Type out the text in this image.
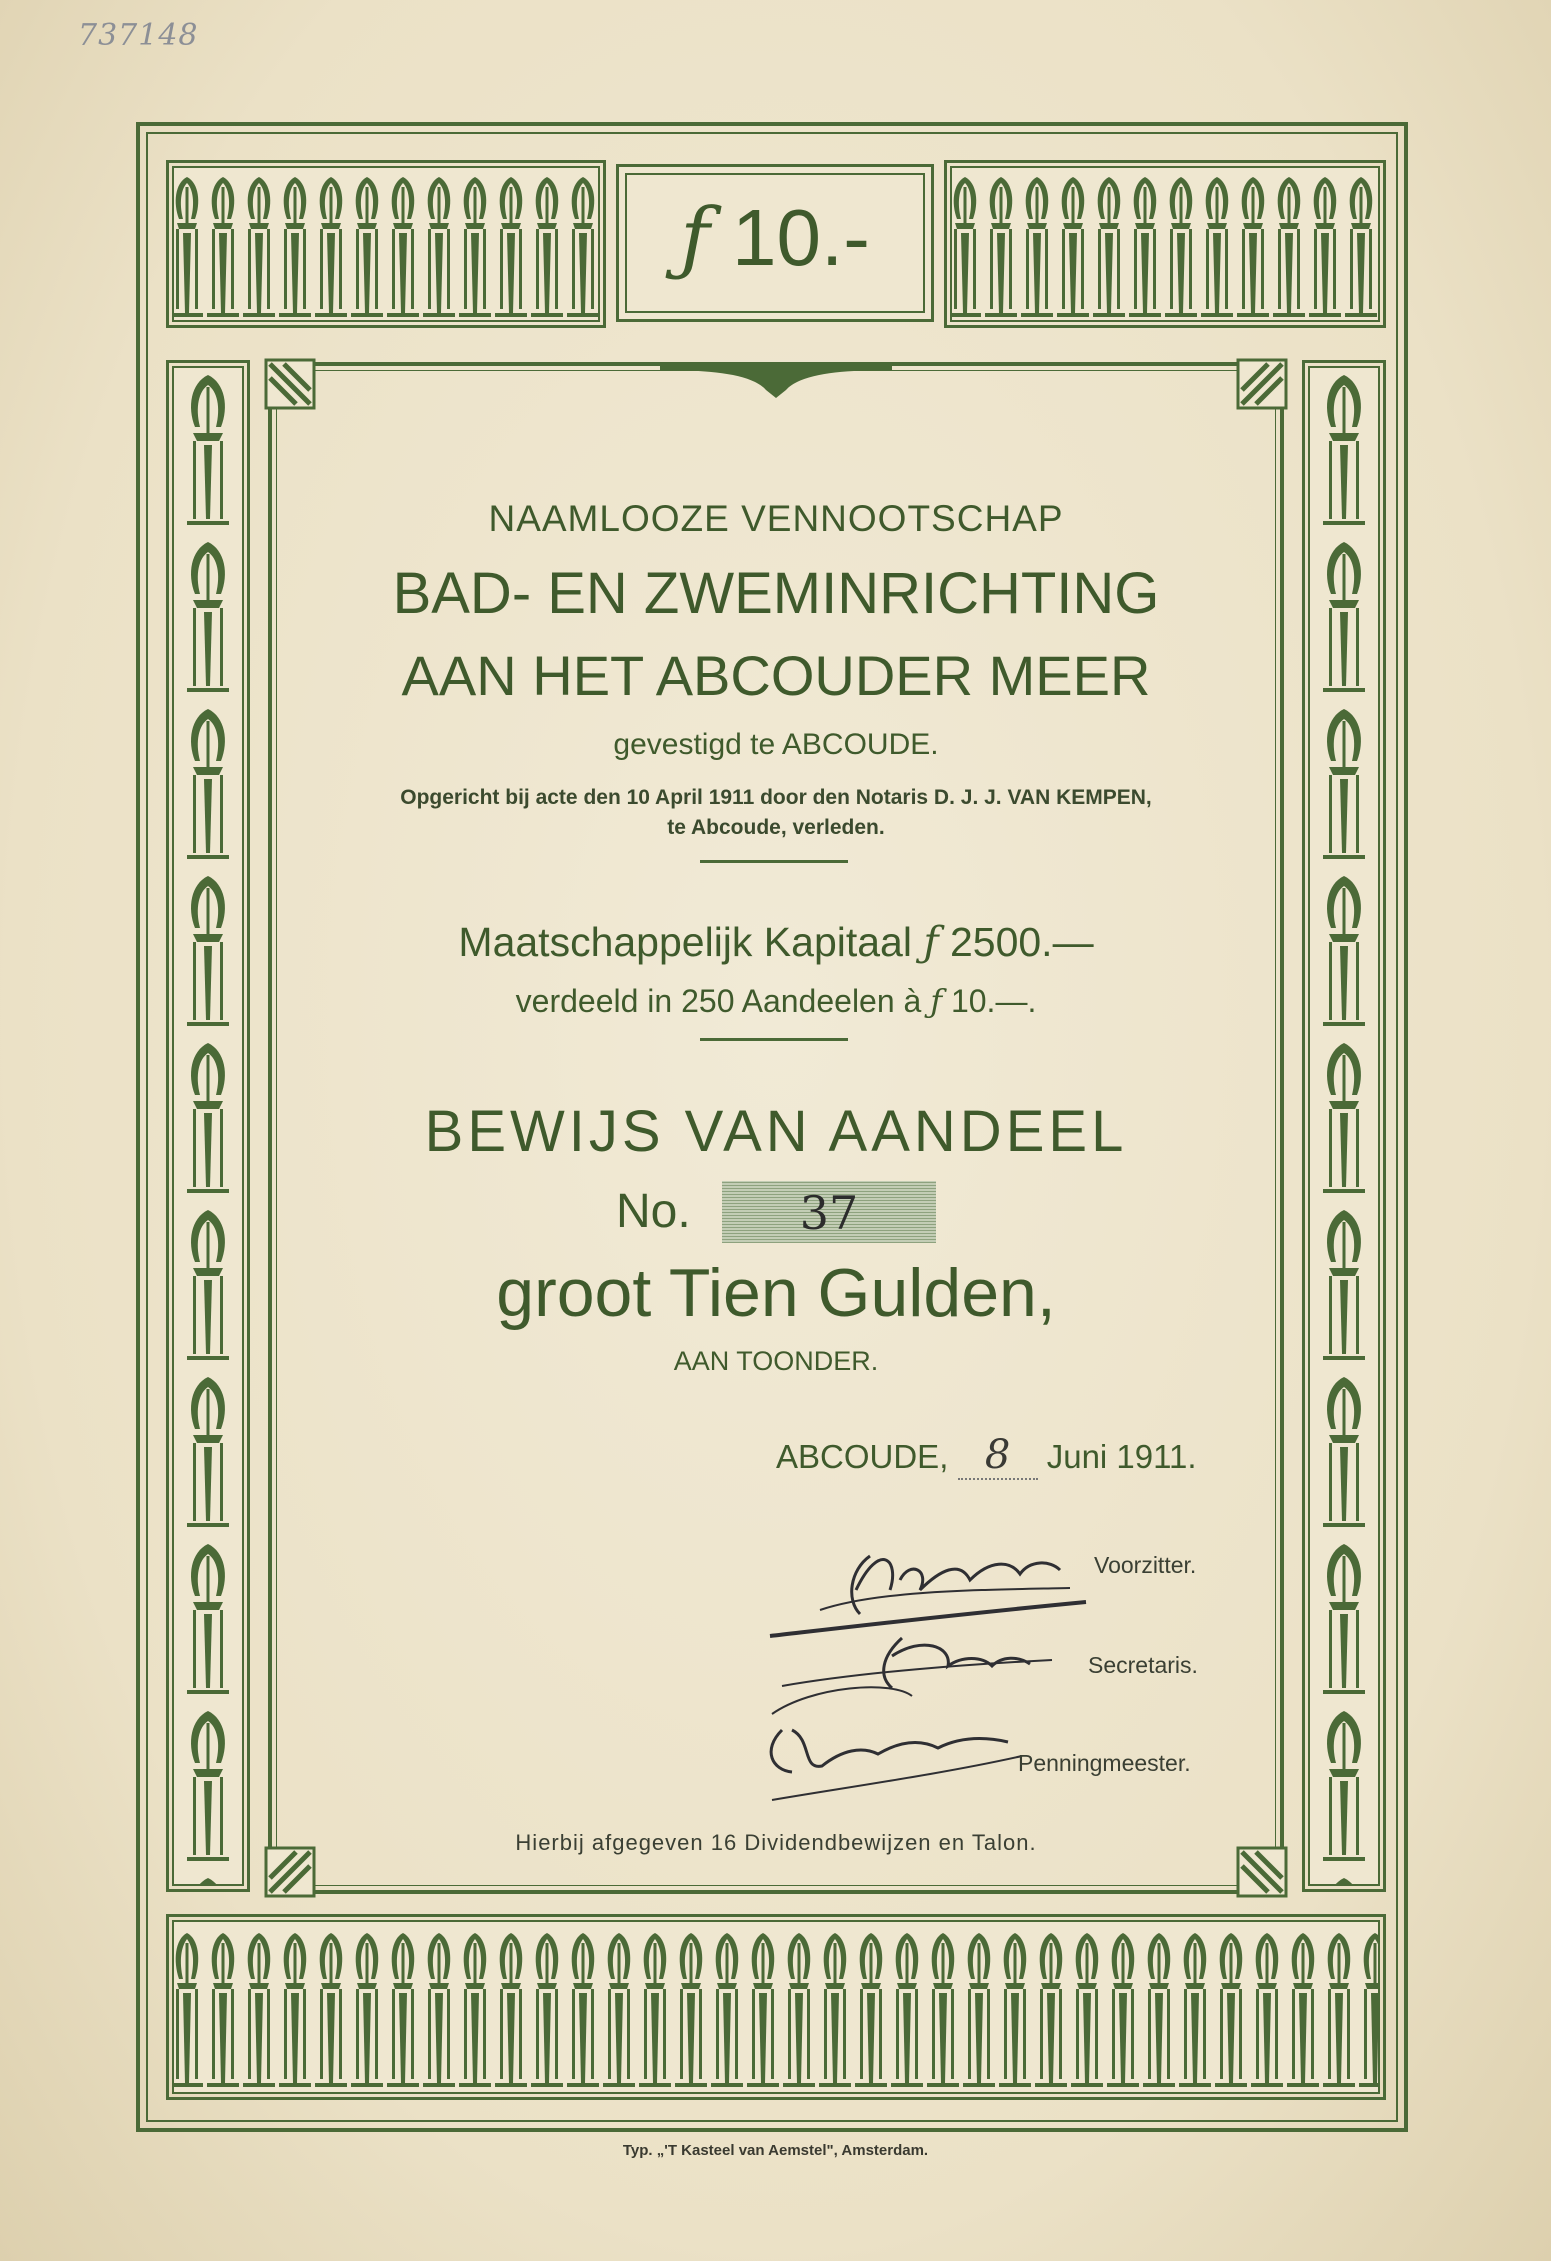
737148
ƒ 10.-
NAAMLOOZE VENNOOTSCHAP
BAD- EN ZWEMINRICHTING
AAN HET ABCOUDER MEER
gevestigd te ABCOUDE.
Opgericht bij acte den 10 April 1911 door den Notaris D. J. J. VAN KEMPEN,
te Abcoude, verleden.
Maatschappelijk Kapitaal ƒ 2500.—
verdeeld in 250 Aandeelen à ƒ 10.—.
BEWIJS VAN AANDEEL
No.	37
groot Tien Gulden,
AAN TOONDER.
ABCOUDE, 8 Juni 1911.
Voorzitter.
Secretaris.
Penningmeester.
Hierbij afgegeven 16 Dividendbewijzen en Talon.
Typ. „'T Kasteel van Aemstel", Amsterdam.
